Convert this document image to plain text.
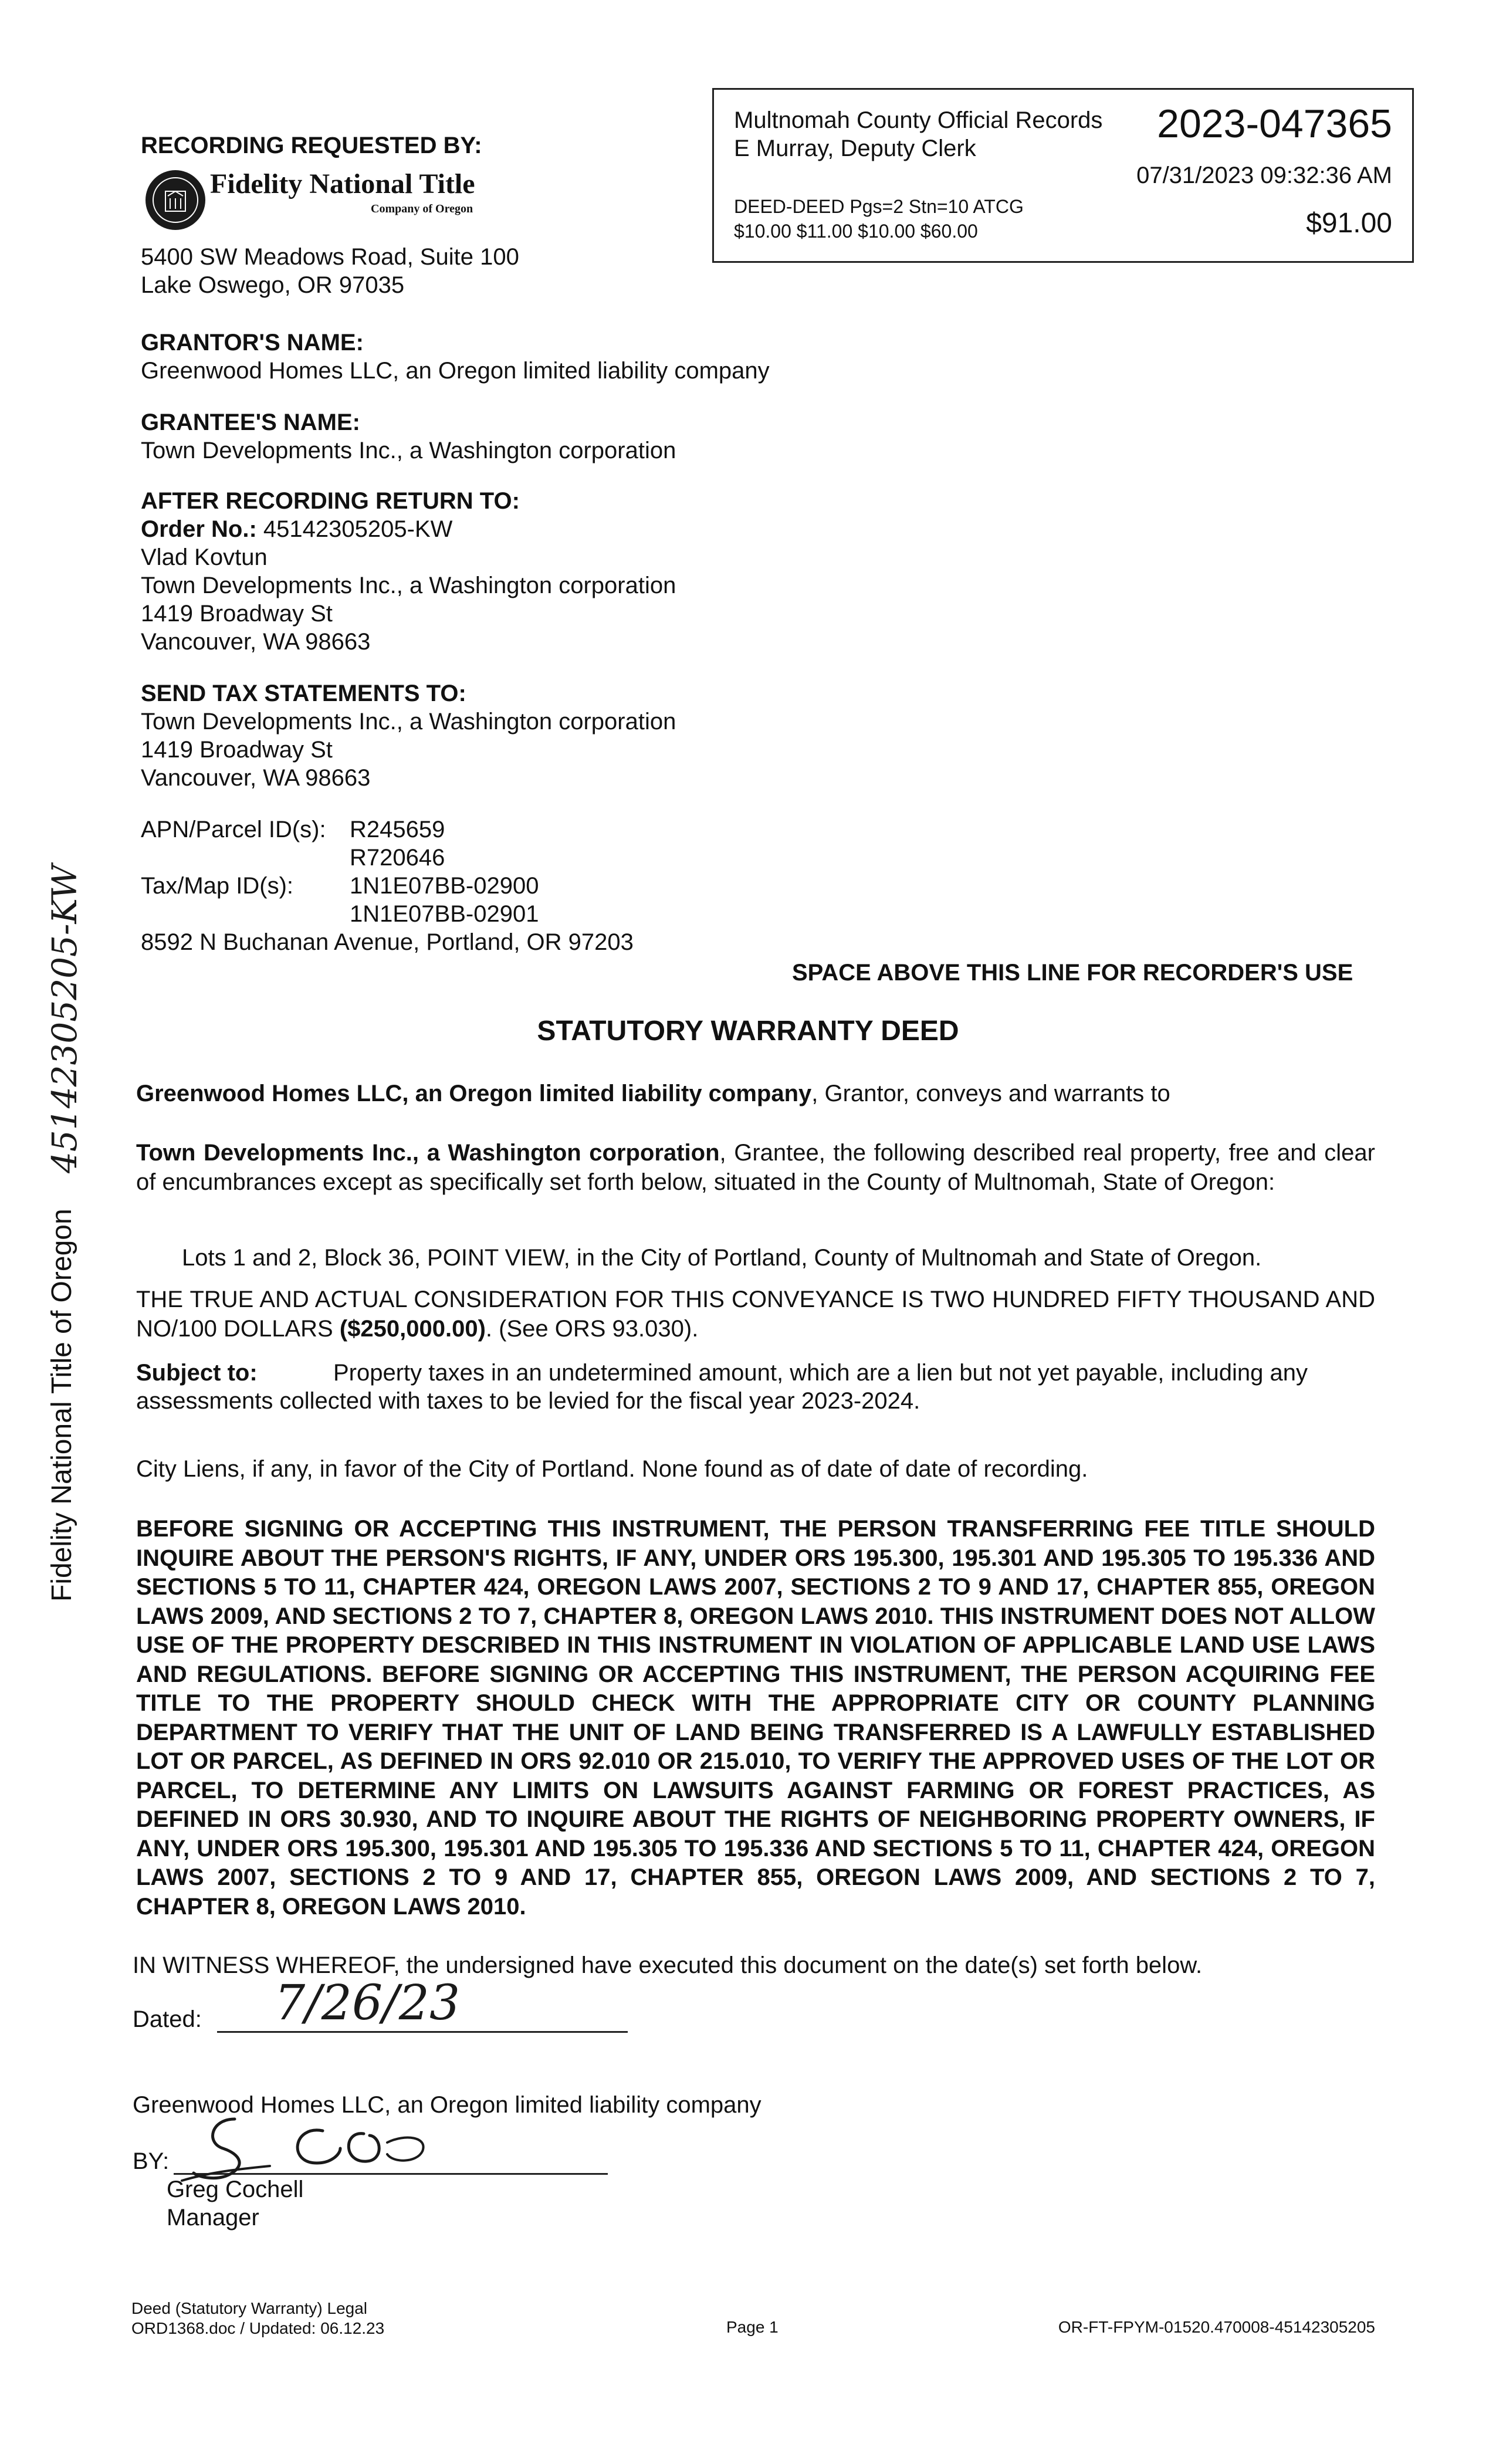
Multnomah County Official Records
E Murray, Deputy Clerk
2023-047365
07/31/2023 09:32:36 AM
DEED-DEED Pgs=2 Stn=10 ATCG
$10.00 $11.00 $10.00 $60.00	$91.00
RECORDING REQUESTED BY:
Fidelity National Title
Company of Oregon
5400 SW Meadows Road, Suite 100
Lake Oswego, OR 97035
GRANTOR'S NAME:
Greenwood Homes LLC, an Oregon limited liability company
GRANTEE'S NAME:
Town Developments Inc., a Washington corporation
AFTER RECORDING RETURN TO:
Order No.: 45142305205-KW
Vlad Kovtun
Town Developments Inc., a Washington corporation
1419 Broadway St
Vancouver, WA 98663
SEND TAX STATEMENTS TO:
Town Developments Inc., a Washington corporation
1419 Broadway St
Vancouver, WA 98663
APN/Parcel ID(s): R245659
R720646
Tax/Map ID(s): 1N1E07BB-02900
1N1E07BB-02901
8592 N Buchanan Avenue, Portland, OR 97203
SPACE ABOVE THIS LINE FOR RECORDER'S USE
STATUTORY WARRANTY DEED
Greenwood Homes LLC, an Oregon limited liability company, Grantor, conveys and warrants to
Town Developments Inc., a Washington corporation, Grantee, the following described real property, free and clear of encumbrances except as specifically set forth below, situated in the County of Multnomah, State of Oregon:
Lots 1 and 2, Block 36, POINT VIEW, in the City of Portland, County of Multnomah and State of Oregon.
THE TRUE AND ACTUAL CONSIDERATION FOR THIS CONVEYANCE IS TWO HUNDRED FIFTY THOUSAND AND NO/100 DOLLARS ($250,000.00). (See ORS 93.030).
Subject to:	Property taxes in an undetermined amount, which are a lien but not yet payable, including any assessments collected with taxes to be levied for the fiscal year 2023-2024.
City Liens, if any, in favor of the City of Portland. None found as of date of date of recording.
BEFORE SIGNING OR ACCEPTING THIS INSTRUMENT, THE PERSON TRANSFERRING FEE TITLE SHOULD INQUIRE ABOUT THE PERSON'S RIGHTS, IF ANY, UNDER ORS 195.300, 195.301 AND 195.305 TO 195.336 AND SECTIONS 5 TO 11, CHAPTER 424, OREGON LAWS 2007, SECTIONS 2 TO 9 AND 17, CHAPTER 855, OREGON LAWS 2009, AND SECTIONS 2 TO 7, CHAPTER 8, OREGON LAWS 2010. THIS INSTRUMENT DOES NOT ALLOW USE OF THE PROPERTY DESCRIBED IN THIS INSTRUMENT IN VIOLATION OF APPLICABLE LAND USE LAWS AND REGULATIONS. BEFORE SIGNING OR ACCEPTING THIS INSTRUMENT, THE PERSON ACQUIRING FEE TITLE TO THE PROPERTY SHOULD CHECK WITH THE APPROPRIATE CITY OR COUNTY PLANNING DEPARTMENT TO VERIFY THAT THE UNIT OF LAND BEING TRANSFERRED IS A LAWFULLY ESTABLISHED LOT OR PARCEL, AS DEFINED IN ORS 92.010 OR 215.010, TO VERIFY THE APPROVED USES OF THE LOT OR PARCEL, TO DETERMINE ANY LIMITS ON LAWSUITS AGAINST FARMING OR FOREST PRACTICES, AS DEFINED IN ORS 30.930, AND TO INQUIRE ABOUT THE RIGHTS OF NEIGHBORING PROPERTY OWNERS, IF ANY, UNDER ORS 195.300, 195.301 AND 195.305 TO 195.336 AND SECTIONS 5 TO 11, CHAPTER 424, OREGON LAWS 2007, SECTIONS 2 TO 9 AND 17, CHAPTER 855, OREGON LAWS 2009, AND SECTIONS 2 TO 7, CHAPTER 8, OREGON LAWS 2010.
IN WITNESS WHEREOF, the undersigned have executed this document on the date(s) set forth below.
Dated: 7/26/23
Greenwood Homes LLC, an Oregon limited liability company
BY:
Greg Cochell
Manager
Fidelity National Title of Oregon
45142305205-KW
Deed (Statutory Warranty) Legal
ORD1368.doc / Updated: 06.12.23	Page 1	OR-FT-FPYM-01520.470008-45142305205
